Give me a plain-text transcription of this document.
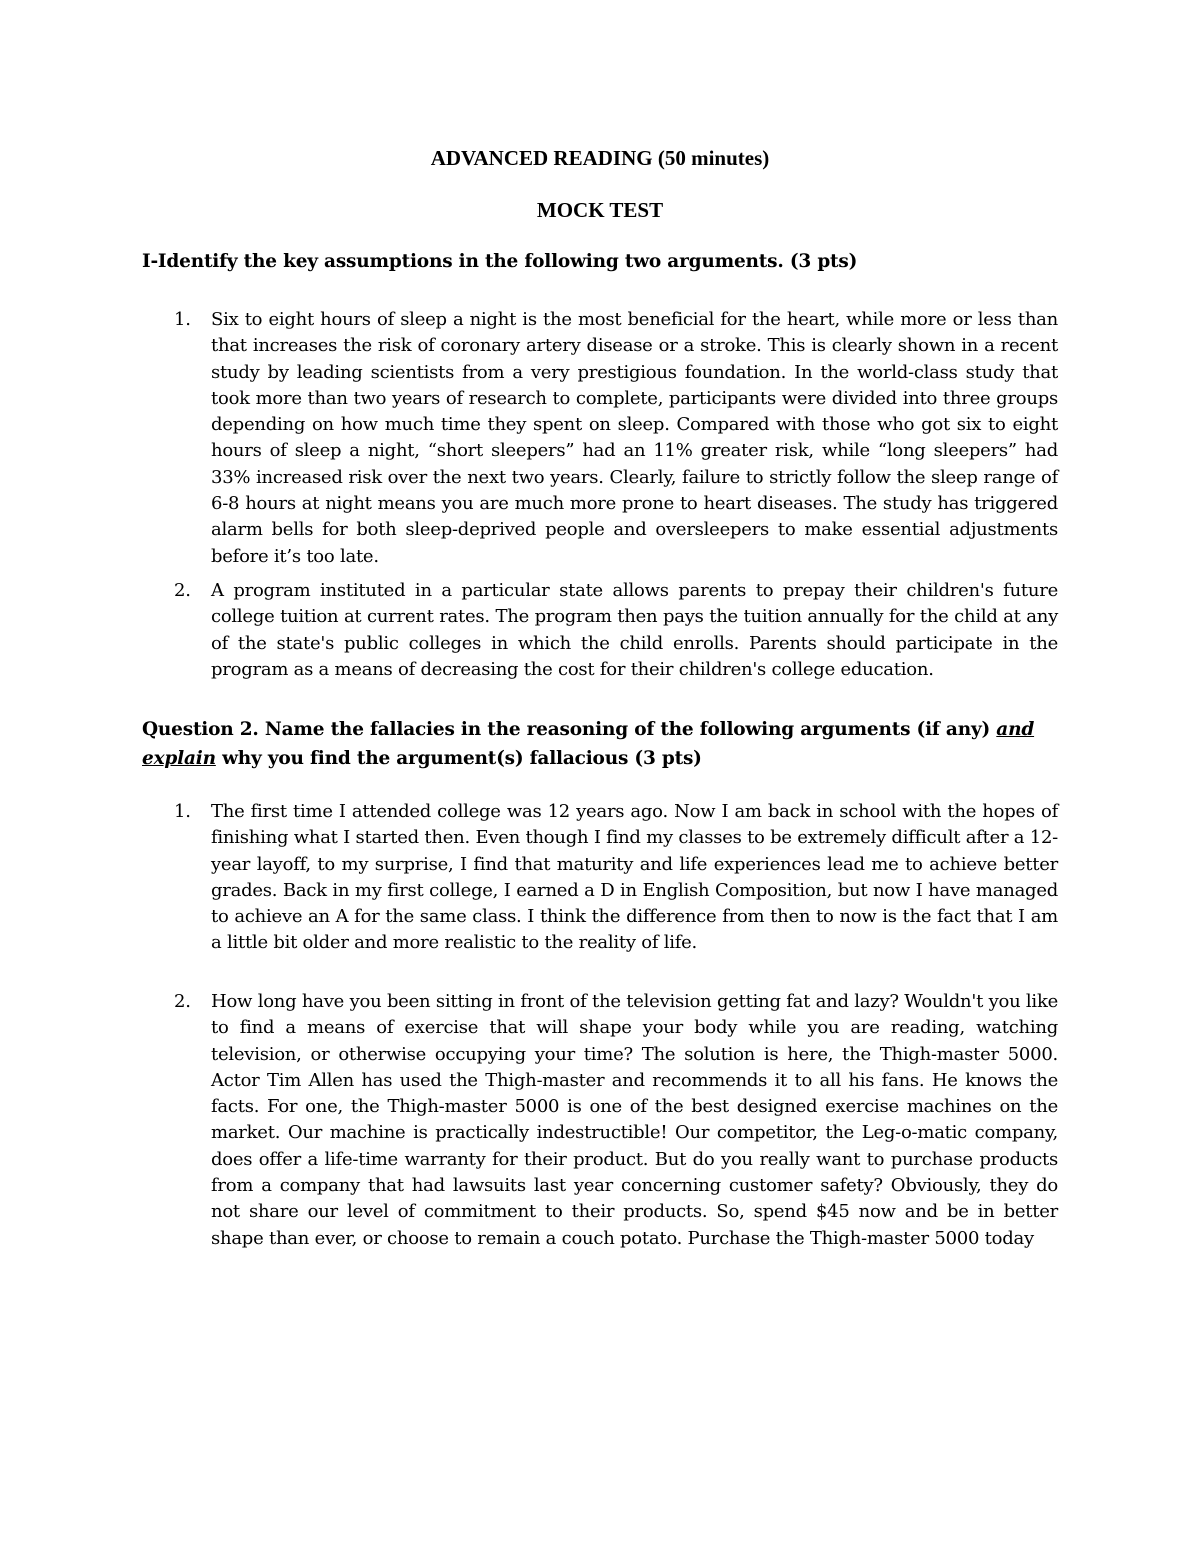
ADVANCED READING (50 minutes)
MOCK TEST

I-Identify the key assumptions in the following two arguments. (3 pts)

1.	Six to eight hours of sleep a night is the most beneficial for the heart, while more or less than that increases the risk of coronary artery disease or a stroke. This is clearly shown in a recent study by leading scientists from a very prestigious foundation. In the world-class study that took more than two years of research to complete, participants were divided into three groups depending on how much time they spent on sleep. Compared with those who got six to eight hours of sleep a night, “short sleepers” had an 11% greater risk, while “long sleepers” had 33% increased risk over the next two years. Clearly, failure to strictly follow the sleep range of 6-8 hours at night means you are much more prone to heart diseases. The study has triggered alarm bells for both sleep-deprived people and oversleepers to make essential adjustments before it’s too late.

2.	A program instituted in a particular state allows parents to prepay their children's future college tuition at current rates. The program then pays the tuition annually for the child at any of the state's public colleges in which the child enrolls. Parents should participate in the program as a means of decreasing the cost for their children's college education.

Question 2. Name the fallacies in the reasoning of the following arguments (if any) and explain why you find the argument(s) fallacious (3 pts)

1.	The first time I attended college was 12 years ago. Now I am back in school with the hopes of finishing what I started then. Even though I find my classes to be extremely difficult after a 12-year layoff, to my surprise, I find that maturity and life experiences lead me to achieve better grades. Back in my first college, I earned a D in English Composition, but now I have managed to achieve an A for the same class. I think the difference from then to now is the fact that I am a little bit older and more realistic to the reality of life.

2.	How long have you been sitting in front of the television getting fat and lazy? Wouldn't you like to find a means of exercise that will shape your body while you are reading, watching television, or otherwise occupying your time? The solution is here, the Thigh-master 5000. Actor Tim Allen has used the Thigh-master and recommends it to all his fans. He knows the facts. For one, the Thigh-master 5000 is one of the best designed exercise machines on the market. Our machine is practically indestructible! Our competitor, the Leg-o-matic company, does offer a life-time warranty for their product. But do you really want to purchase products from a company that had lawsuits last year concerning customer safety? Obviously, they do not share our level of commitment to their products. So, spend $45 now and be in better shape than ever, or choose to remain a couch potato. Purchase the Thigh-master 5000 today
